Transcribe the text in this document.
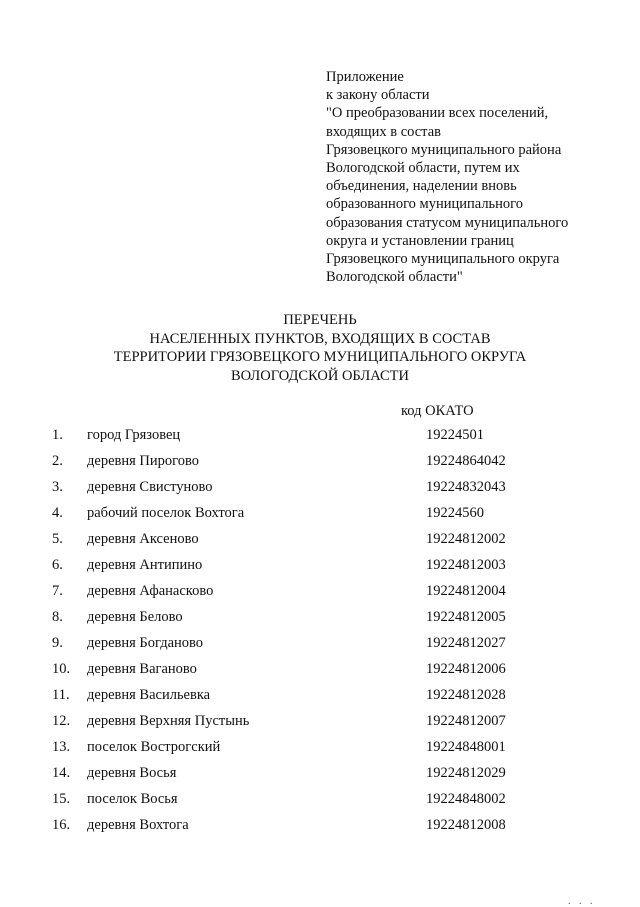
Приложение
к закону области
"О преобразовании всех поселений,
входящих в состав
Грязовецкого муниципального района
Вологодской области, путем их
объединения, наделении вновь
образованного муниципального
образования статусом муниципального
округа и установлении границ
Грязовецкого муниципального округа
Вологодской области"
ПЕРЕЧЕНЬ
НАСЕЛЕННЫХ ПУНКТОВ, ВХОДЯЩИХ В СОСТАВ
ТЕРРИТОРИИ ГРЯЗОВЕЦКОГО МУНИЦИПАЛЬНОГО ОКРУГА
ВОЛОГОДСКОЙ ОБЛАСТИ
код ОКАТО
1. город Грязовец	19224501
2. деревня Пирогово	19224864042
3. деревня Свистуново	19224832043
4. рабочий поселок Вохтога	19224560
5. деревня Аксеново	19224812002
6. деревня Антипино	19224812003
7. деревня Афанасково	19224812004
8. деревня Белово	19224812005
9. деревня Богданово	19224812027
10. деревня Ваганово	19224812006
11. деревня Васильевка	19224812028
12. деревня Верхняя Пустынь	19224812007
13. поселок Вострогский	19224848001
14. деревня Восья	19224812029
15. поселок Восья	19224848002
16. деревня Вохтога	19224812008
. . .
